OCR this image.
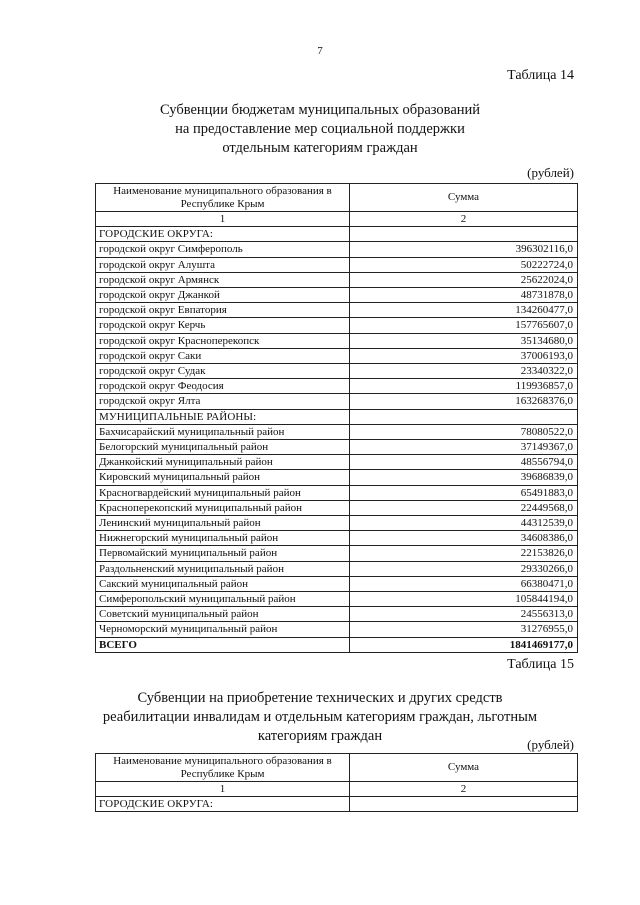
7
Таблица 14
Субвенции бюджетам муниципальных образований
на предоставление мер социальной поддержки
отдельным категориям граждан
(рублей)
Наименование муниципального образования в Республике Крым	Сумма
1	2
ГОРОДСКИЕ ОКРУГА:	
городской округ Симферополь	396302116,0
городской округ Алушта	50222724,0
городской округ Армянск	25622024,0
городской округ Джанкой	48731878,0
городской округ Евпатория	134260477,0
городской округ Керчь	157765607,0
городской округ Красноперекопск	35134680,0
городской округ Саки	37006193,0
городской округ Судак	23340322,0
городской округ Феодосия	119936857,0
городской округ Ялта	163268376,0
МУНИЦИПАЛЬНЫЕ РАЙОНЫ:	
Бахчисарайский муниципальный район	78080522,0
Белогорский муниципальный район	37149367,0
Джанкойский муниципальный район	48556794,0
Кировский муниципальный район	39686839,0
Красногвардейский муниципальный район	65491883,0
Красноперекопский муниципальный район	22449568,0
Ленинский муниципальный район	44312539,0
Нижнегорский муниципальный район	34608386,0
Первомайский муниципальный район	22153826,0
Раздольненский муниципальный район	29330266,0
Сакский муниципальный район	66380471,0
Симферопольский муниципальный район	105844194,0
Советский муниципальный район	24556313,0
Черноморский муниципальный район	31276955,0
ВСЕГО	1841469177,0
Таблица 15
Субвенции на приобретение технических и других средств
реабилитации инвалидам и отдельным категориям граждан, льготным
категориям граждан
(рублей)
Наименование муниципального образования в Республике Крым	Сумма
1	2
ГОРОДСКИЕ ОКРУГА:	
